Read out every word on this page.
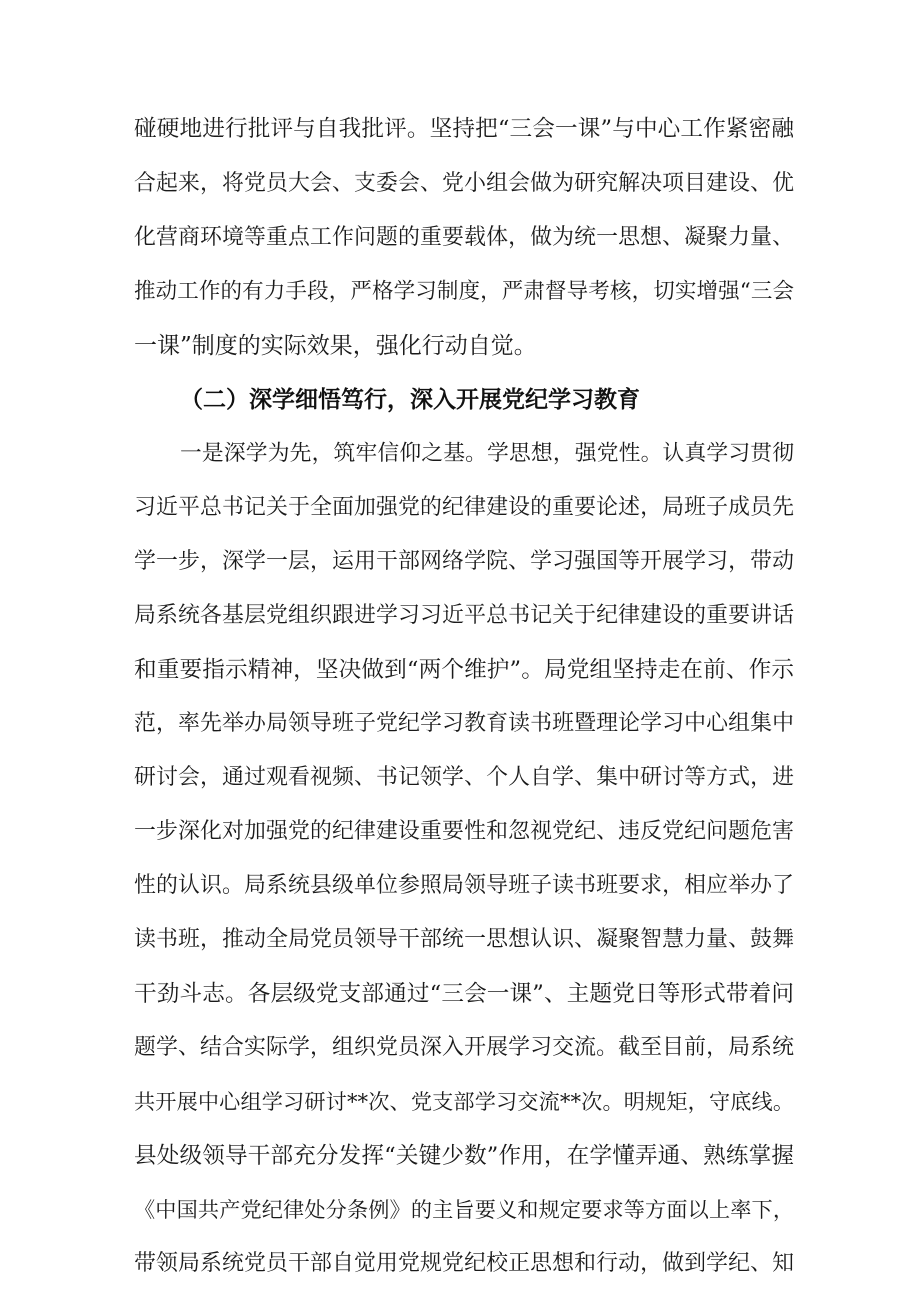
碰硬地进行批评与自我批评。坚持把“三会一课”与中心工作紧密融
合起来，将党员大会、支委会、党小组会做为研究解决项目建设、优
化营商环境等重点工作问题的重要载体，做为统一思想、凝聚力量、
推动工作的有力手段，严格学习制度，严肃督导考核，切实增强“三会
一课”制度的实际效果，强化行动自觉。
（二）深学细悟笃行，深入开展党纪学习教育
一是深学为先，筑牢信仰之基。学思想，强党性。认真学习贯彻
习近平总书记关于全面加强党的纪律建设的重要论述，局班子成员先
学一步，深学一层，运用干部网络学院、学习强国等开展学习，带动
局系统各基层党组织跟进学习习近平总书记关于纪律建设的重要讲话
和重要指示精神，坚决做到“两个维护”。局党组坚持走在前、作示
范，率先举办局领导班子党纪学习教育读书班暨理论学习中心组集中
研讨会，通过观看视频、书记领学、个人自学、集中研讨等方式，进
一步深化对加强党的纪律建设重要性和忽视党纪、违反党纪问题危害
性的认识。局系统县级单位参照局领导班子读书班要求，相应举办了
读书班，推动全局党员领导干部统一思想认识、凝聚智慧力量、鼓舞
干劲斗志。各层级党支部通过“三会一课”、主题党日等形式带着问
题学、结合实际学，组织党员深入开展学习交流。截至目前，局系统
共开展中心组学习研讨**次、党支部学习交流**次。明规矩，守底线。
县处级领导干部充分发挥“关键少数”作用，在学懂弄通、熟练掌握
《中国共产党纪律处分条例》的主旨要义和规定要求等方面以上率下，
带领局系统党员干部自觉用党规党纪校正思想和行动，做到学纪、知
